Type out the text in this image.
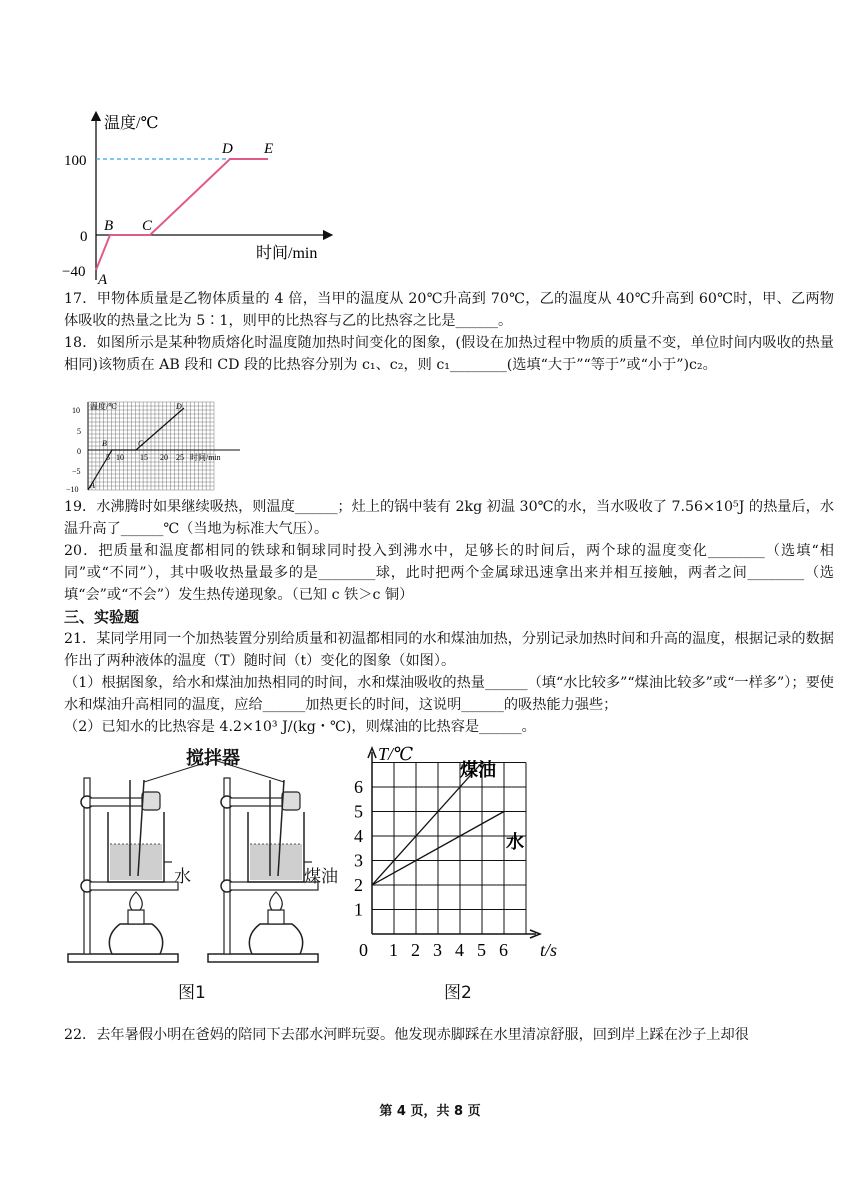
温度/℃
时间/min
100
0
−40 A
B C
D E
17．甲物体质量是乙物体质量的 4 倍，当甲的温度从 20℃升高到 70℃，乙的温度从 40℃升高到 60℃时，甲、乙两物体吸收的热量之比为 5∶1，则甲的比热容与乙的比热容之比是______。
18．如图所示是某种物质熔化时温度随加热时间变化的图象，(假设在加热过程中物质的质量不变，单位时间内吸收的热量相同)该物质在 AB 段和 CD 段的比热容分别为 c₁、c₂，则 c₁________(选填“大于”“等于”或“小于”)c₂。
温度/℃
时间/min
10
5
0
−5
−10
5 10 15 20 25
A
B	C
D
19．水沸腾时如果继续吸热，则温度______；灶上的锅中装有 2kg 初温 30℃的水，当水吸收了 7.56×10⁵J 的热量后，水温升高了______℃（当地为标准大气压）。
20．把质量和温度都相同的铁球和铜球同时投入到沸水中，足够长的时间后，两个球的温度变化________（选填“相同”或“不同”），其中吸收热量最多的是________球，此时把两个金属球迅速拿出来并相互接触，两者之间________（选填“会”或“不会”）发生热传递现象。（已知 c 铁＞c 铜）
三、实验题
21．某同学用同一个加热装置分别给质量和初温都相同的水和煤油加热，分别记录加热时间和升高的温度，根据记录的数据作出了两种液体的温度（T）随时间（t）变化的图象（如图）。
（1）根据图象，给水和煤油加热相同的时间，水和煤油吸收的热量______（填“水比较多”“煤油比较多”或“一样多”）；要使水和煤油升高相同的温度，应给______加热更长的时间，这说明______的吸热能力强些；
（2）已知水的比热容是 4.2×10³ J/(kg・℃)，则煤油的比热容是______。
搅拌器
水	煤油
图1
1
2
3
4
5
6
0 1 2 3 4 5 6
T/℃
t/s
煤油
水
图2
22．去年暑假小明在爸妈的陪同下去邵水河畔玩耍。他发现赤脚踩在水里清凉舒服，回到岸上踩在沙子上却很
第 4 页，共 8 页
